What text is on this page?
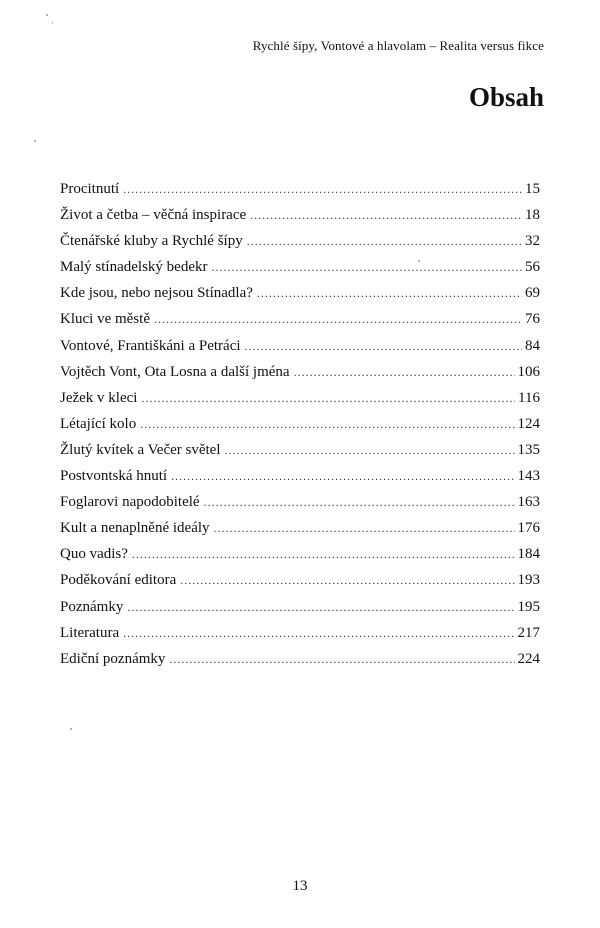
Rychlé šípy, Vontové a hlavolam – Realita versus fikce
Obsah
Procitnutí .....	15
Život a četba – věčná inspirace .....	18
Čtenářské kluby a Rychlé šípy .....	32
Malý stínadelský bedekr .....	56
Kde jsou, nebo nejsou Stínadla? .....	69
Kluci ve městě .....	76
Vontové, Františkáni a Petráci .....	84
Vojtěch Vont, Ota Losna a další jména .....	106
Ježek v kleci .....	116
Létající kolo .....	124
Žlutý kvítek a Večer světel .....	135
Postvontská hnutí .....	143
Foglarovi napodobitelé .....	163
Kult a nenaplněné ideály .....	176
Quo vadis? .....	184
Poděkování editora .....	193
Poznámky .....	195
Literatura .....	217
Ediční poznámky .....	224
13
